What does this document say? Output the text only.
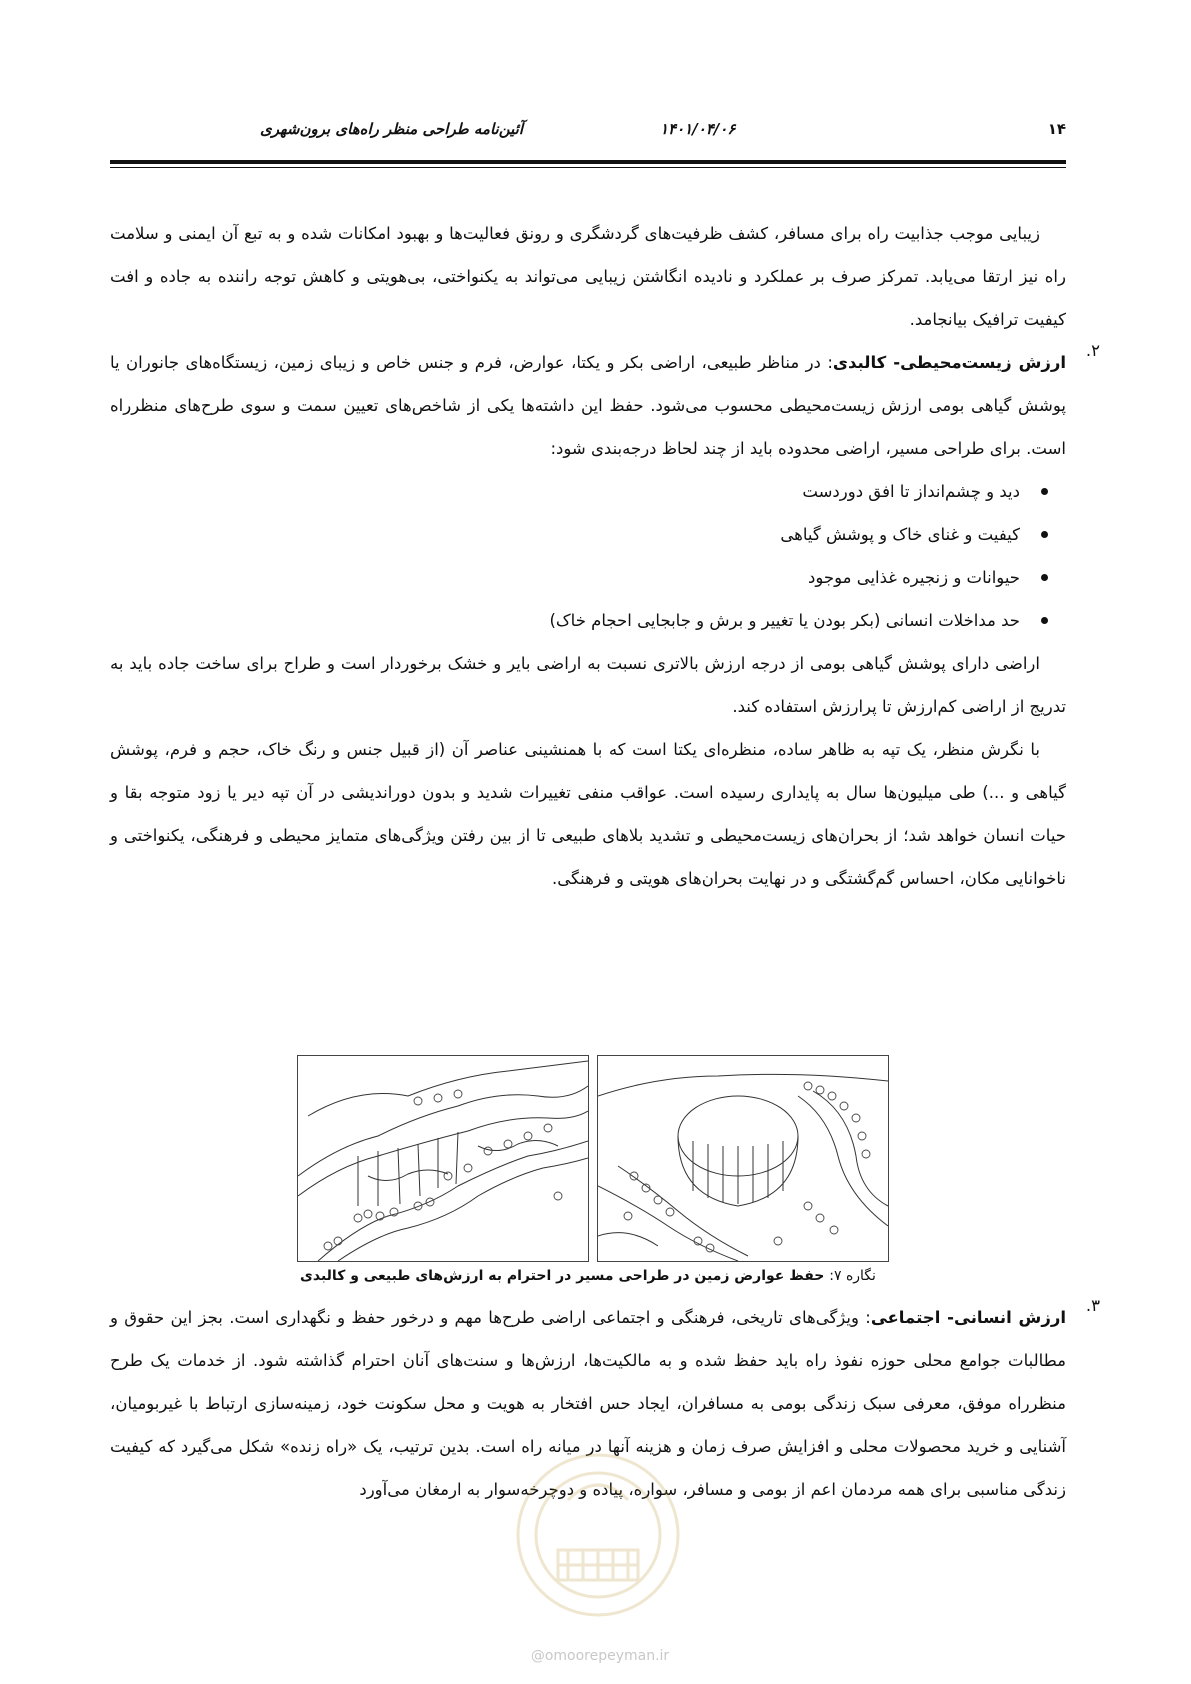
۱۴
۱۴۰۱/۰۴/۰۶
آئین‌نامه طراحی منظر راه‌های برون‌شهری

زیبایی موجب جذابیت راه برای مسافر، کشف ظرفیت‌های گردشگری و رونق فعالیت‌ها و بهبود امکانات شده و به تبع آن ایمنی و سلامت راه نیز ارتقا می‌یابد. تمرکز صرف بر عملکرد و نادیده انگاشتن زیبایی می‌تواند به یکنواختی، بی‌هویتی و کاهش توجه راننده به جاده و افت کیفیت ترافیک بیانجامد.

۲.

ارزش زیست‌محیطی- کالبدی: در مناظر طبیعی، اراضی بکر و یکتا، عوارض، فرم و جنس خاص و زیبای زمین، زیستگاه‌های جانوران یا پوشش گیاهی بومی ارزش زیست‌محیطی محسوب می‌شود. حفظ این داشته‌ها یکی از شاخص‌های تعیین سمت و سوی طرح‌های منظرراه است. برای طراحی مسیر، اراضی محدوده باید از چند لحاظ درجه‌بندی شود:

دید و چشم‌انداز تا افق دوردست
کیفیت و غنای خاک و پوشش گیاهی
حیوانات و زنجیره غذایی موجود
حد مداخلات انسانی (بکر بودن یا تغییر و برش و جابجایی احجام خاک)

اراضی دارای پوشش گیاهی بومی از درجه ارزش بالاتری نسبت به اراضی بایر و خشک برخوردار است و طراح برای ساخت جاده باید به تدریج از اراضی کم‌ارزش تا پرارزش استفاده کند.

با نگرش منظر، یک تپه به ظاهر ساده، منظره‌ای یکتا است که با همنشینی عناصر آن (از قبیل جنس و رنگ خاک، حجم و فرم، پوشش گیاهی و ...) طی میلیون‌ها سال به پایداری رسیده است. عواقب منفی تغییرات شدید و بدون دوراندیشی در آن تپه دیر یا زود متوجه بقا و حیات انسان خواهد شد؛ از بحران‌های زیست‌محیطی و تشدید بلاهای طبیعی تا از بین رفتن ویژگی‌های متمایز محیطی و فرهنگی، یکنواختی و ناخوانایی مکان، احساس گم‌گشتگی و در نهایت بحران‌های هویتی و فرهنگی.

نگاره ۷: حفظ عوارض زمین در طراحی مسیر در احترام به ارزش‌های طبیعی و کالبدی
۳.

ارزش انسانی- اجتماعی: ویژگی‌های تاریخی، فرهنگی و اجتماعی اراضی طرح‌ها مهم و درخور حفظ و نگهداری است. بجز این حقوق و مطالبات جوامع محلی حوزه نفوذ راه باید حفظ شده و به مالکیت‌ها، ارزش‌ها و سنت‌های آنان احترام گذاشته شود. از خدمات یک طرح منظرراه موفق، معرفی سبک زندگی بومی به مسافران، ایجاد حس افتخار به هویت و محل سکونت خود، زمینه‌سازی ارتباط با غیربومیان، آشنایی و خرید محصولات محلی و افزایش صرف زمان و هزینه آنها در میانه راه است. بدین ترتیب، یک «راه زنده» شکل می‌گیرد که کیفیت زندگی مناسبی برای همه مردمان اعم از بومی و مسافر، سواره، پیاده و دوچرخه‌سوار به ارمغان می‌آورد

@omoorepeyman.ir
